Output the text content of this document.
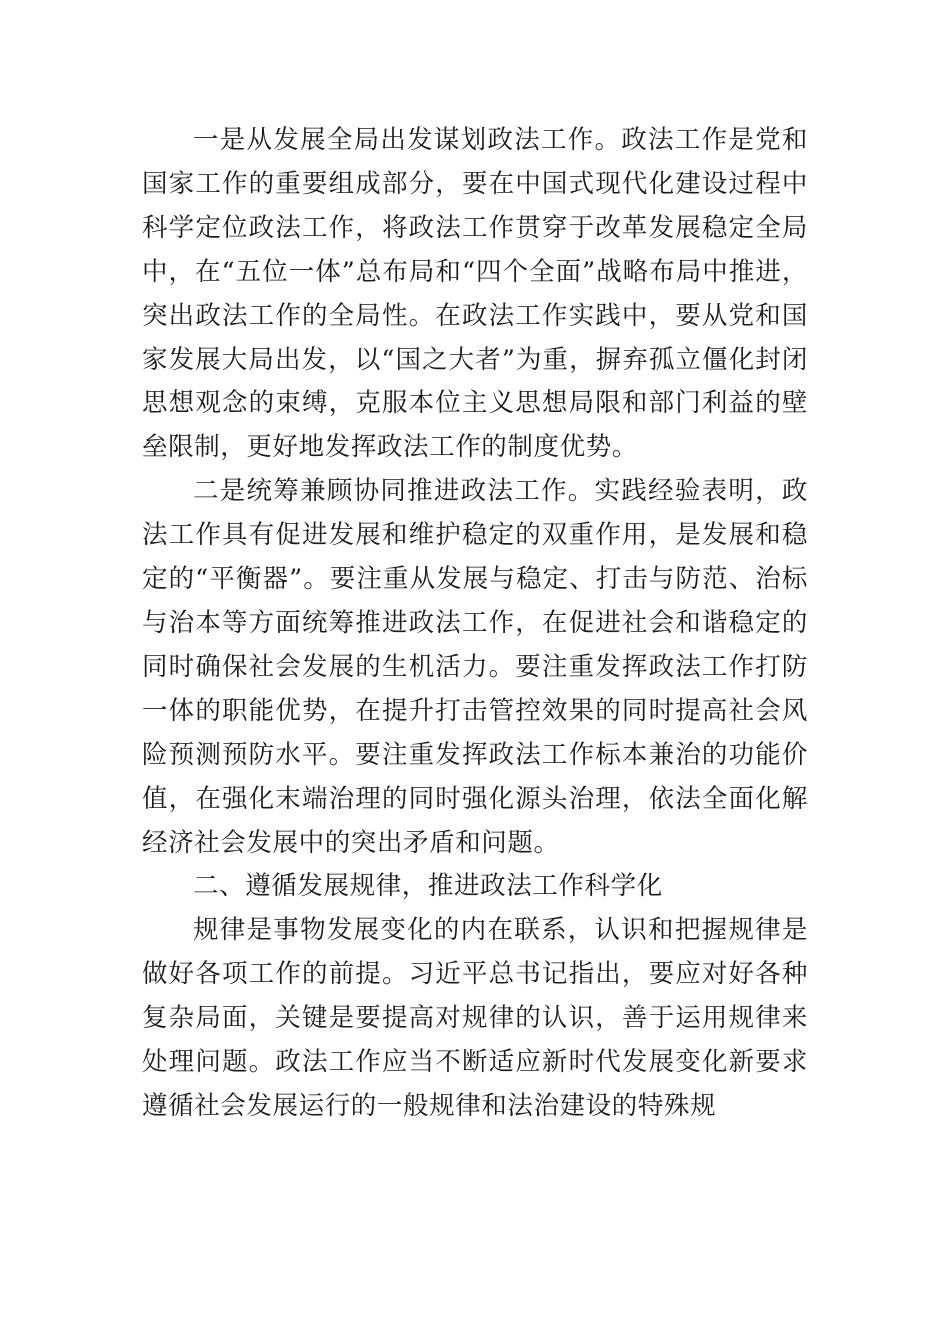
一是从发展全局出发谋划政法工作。政法工作是党和国家工作的重要组成部分，要在中国式现代化建设过程中科学定位政法工作，将政法工作贯穿于改革发展稳定全局中，在“五位一体”总布局和“四个全面”战略布局中推进，突出政法工作的全局性。在政法工作实践中，要从党和国家发展大局出发，以“国之大者”为重，摒弃孤立僵化封闭思想观念的束缚，克服本位主义思想局限和部门利益的壁垒限制，更好地发挥政法工作的制度优势。

二是统筹兼顾协同推进政法工作。实践经验表明，政法工作具有促进发展和维护稳定的双重作用，是发展和稳定的“平衡器”。要注重从发展与稳定、打击与防范、治标与治本等方面统筹推进政法工作，在促进社会和谐稳定的同时确保社会发展的生机活力。要注重发挥政法工作打防一体的职能优势，在提升打击管控效果的同时提高社会风险预测预防水平。要注重发挥政法工作标本兼治的功能价值，在强化末端治理的同时强化源头治理，依法全面化解经济社会发展中的突出矛盾和问题。

二、遵循发展规律，推进政法工作科学化

规律是事物发展变化的内在联系，认识和把握规律是做好各项工作的前提。习近平总书记指出，要应对好各种复杂局面，关键是要提高对规律的认识，善于运用规律来处理问题。政法工作应当不断适应新时代发展变化新要求遵循社会发展运行的一般规律和法治建设的特殊规
